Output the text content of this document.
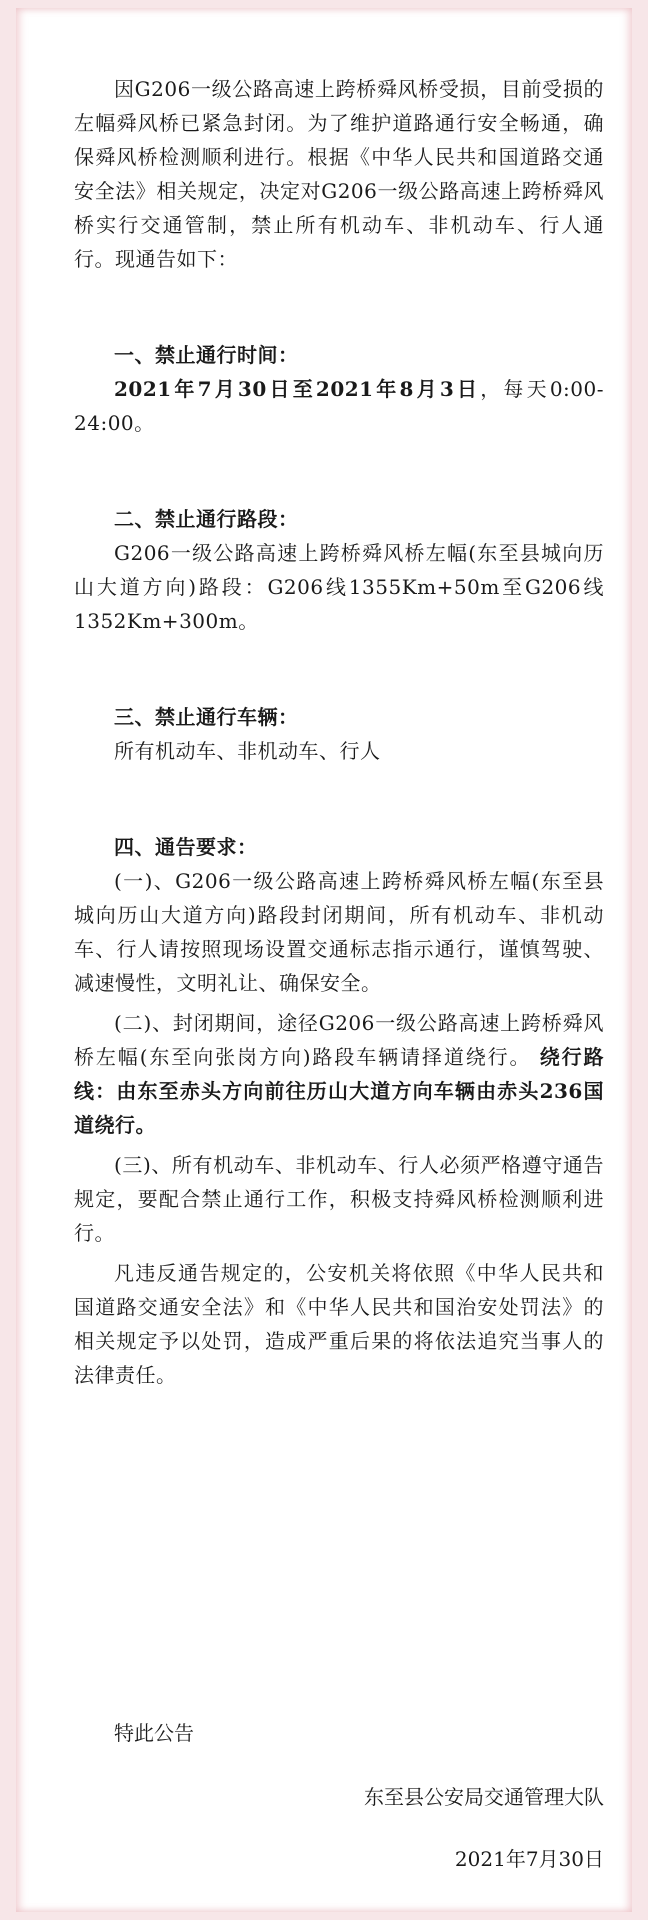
因G206一级公路高速上跨桥舜风桥受损，目前受损的左幅舜风桥已紧急封闭。为了维护道路通行安全畅通，确保舜风桥检测顺利进行。根据《中华人民共和国道路交通安全法》相关规定，决定对G206一级公路高速上跨桥舜风桥实行交通管制，禁止所有机动车、非机动车、行人通行。现通告如下：

一、禁止通行时间：

2021年7月30日至2021年8月3日，每天0:00-24:00。

二、禁止通行路段：

G206一级公路高速上跨桥舜风桥左幅(东至县城向历山大道方向)路段：G206线1355Km+50m至G206线1352Km+300m。

三、禁止通行车辆：

所有机动车、非机动车、行人

四、通告要求：

(一)、G206一级公路高速上跨桥舜风桥左幅(东至县城向历山大道方向)路段封闭期间，所有机动车、非机动车、行人请按照现场设置交通标志指示通行，谨慎驾驶、减速慢性，文明礼让、确保安全。

(二)、封闭期间，途径G206一级公路高速上跨桥舜风桥左幅(东至向张岗方向)路段车辆请择道绕行。 绕行路线：由东至赤头方向前往历山大道方向车辆由赤头236国道绕行。

(三)、所有机动车、非机动车、行人必须严格遵守通告规定，要配合禁止通行工作，积极支持舜风桥检测顺利进行。

凡违反通告规定的，公安机关将依照《中华人民共和国道路交通安全法》和《中华人民共和国治安处罚法》的相关规定予以处罚，造成严重后果的将依法追究当事人的法律责任。

特此公告

东至县公安局交通管理大队

2021年7月30日
